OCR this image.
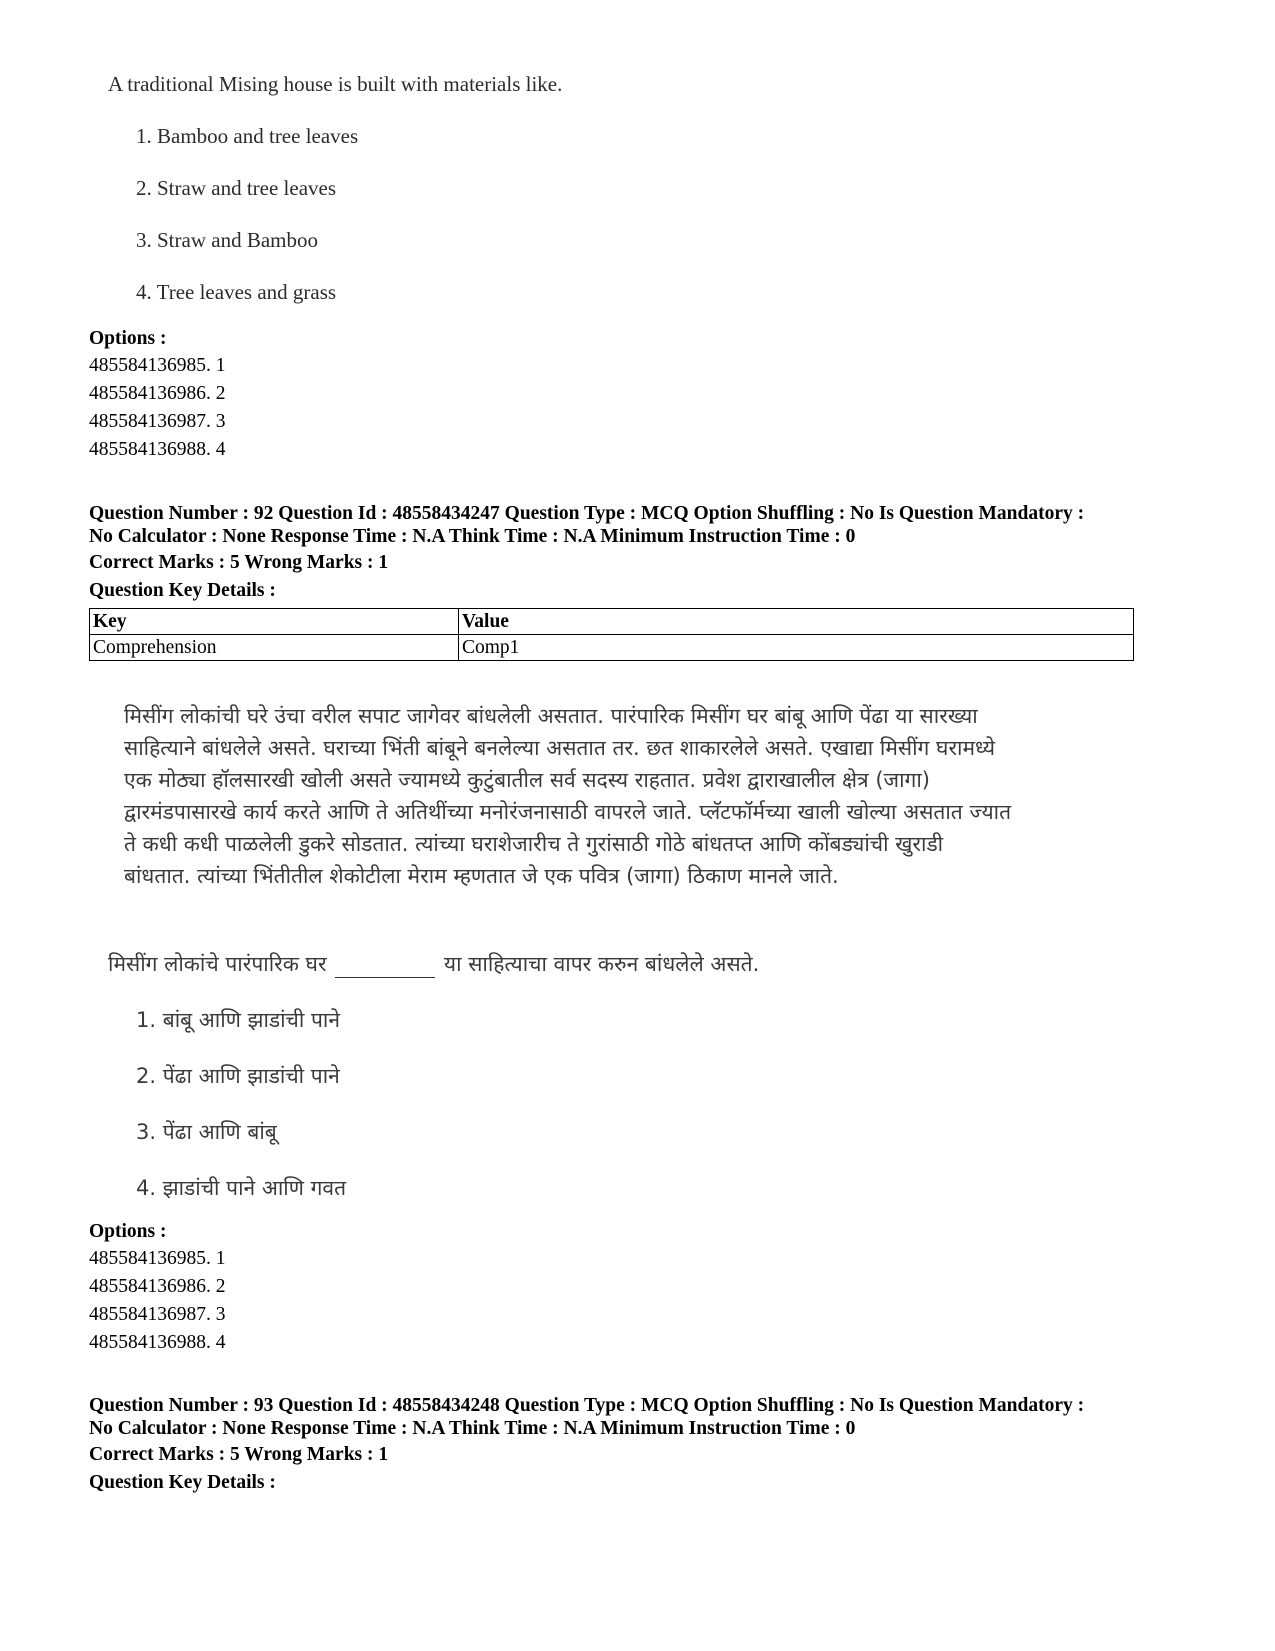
A traditional Mising house is built with materials like.
1. Bamboo and tree leaves
2. Straw and tree leaves
3. Straw and Bamboo
4. Tree leaves and grass
Options :
485584136985. 1
485584136986. 2
485584136987. 3
485584136988. 4
Question Number : 92 Question Id : 48558434247 Question Type : MCQ Option Shuffling : No Is Question Mandatory :
No Calculator : None Response Time : N.A Think Time : N.A Minimum Instruction Time : 0
Correct Marks : 5 Wrong Marks : 1
Question Key Details :
Key	Value
Comprehension	Comp1
मिसींग लोकांची घरे उंचा वरील सपाट जागेवर बांधलेली असतात. पारंपारिक मिसींग घर बांबू आणि पेंढा या सारख्या
साहित्याने बांधलेले असते. घराच्या भिंती बांबूने बनलेल्या असतात तर. छत शाकारलेले असते. एखाद्या मिसींग घरामध्ये
एक मोठ्या हॉलसारखी खोली असते ज्यामध्ये कुटुंबातील सर्व सदस्य राहतात. प्रवेश द्वाराखालील क्षेत्र (जागा)
द्वारमंडपासारखे कार्य करते आणि ते अतिथींच्या मनोरंजनासाठी वापरले जाते. प्लॅटफॉर्मच्या खाली खोल्या असतात ज्यात
ते कधी कधी पाळलेली डुकरे सोडतात. त्यांच्या घराशेजारीच ते गुरांसाठी गोठे बांधतप्त आणि कोंबड्यांची खुराडी
बांधतात. त्यांच्या भिंतीतील शेकोटीला मेराम म्हणतात जे एक पवित्र (जागा) ठिकाण मानले जाते.
मिसींग लोकांचे पारंपारिक घर	या साहित्याचा वापर करुन बांधलेले असते.
1. बांबू आणि झाडांची पाने
2. पेंढा आणि झाडांची पाने
3. पेंढा आणि बांबू
4. झाडांची पाने आणि गवत
Options :
485584136985. 1
485584136986. 2
485584136987. 3
485584136988. 4
Question Number : 93 Question Id : 48558434248 Question Type : MCQ Option Shuffling : No Is Question Mandatory :
No Calculator : None Response Time : N.A Think Time : N.A Minimum Instruction Time : 0
Correct Marks : 5 Wrong Marks : 1
Question Key Details :
